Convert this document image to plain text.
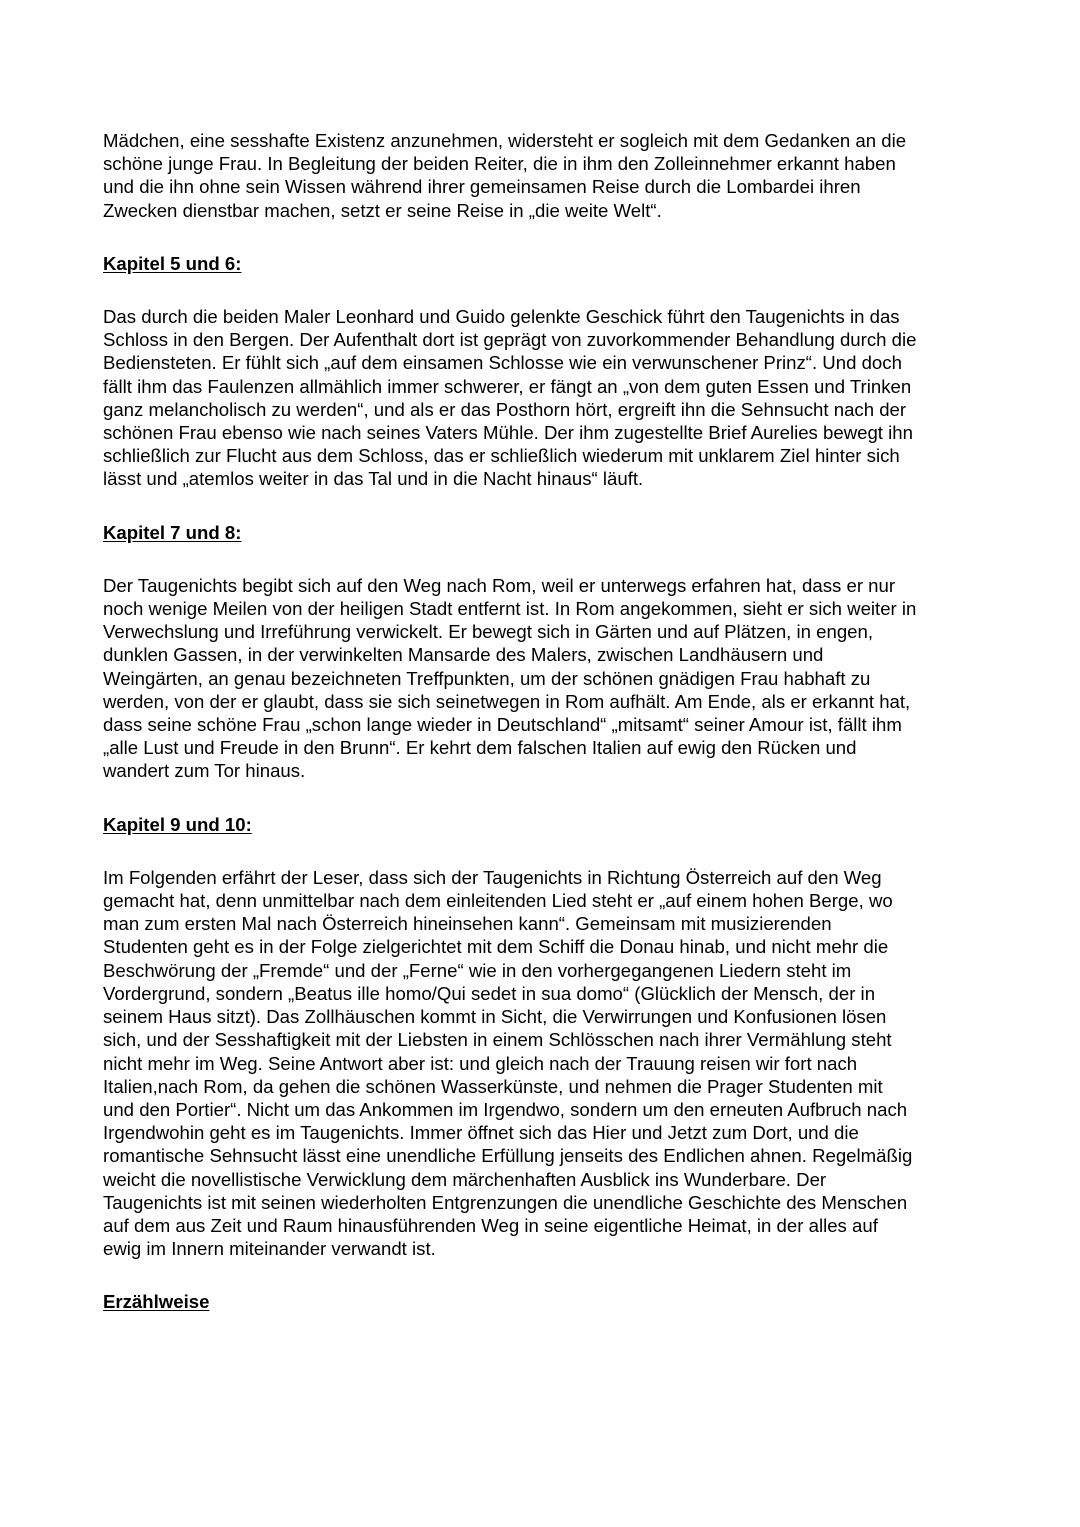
Mädchen, eine sesshafte Existenz anzunehmen, widersteht er sogleich mit dem Gedanken an die
schöne junge Frau. In Begleitung der beiden Reiter, die in ihm den Zolleinnehmer erkannt haben
und die ihn ohne sein Wissen während ihrer gemeinsamen Reise durch die Lombardei ihren
Zwecken dienstbar machen, setzt er seine Reise in „die weite Welt“.

Kapitel 5 und 6:

Das durch die beiden Maler Leonhard und Guido gelenkte Geschick führt den Taugenichts in das
Schloss in den Bergen. Der Aufenthalt dort ist geprägt von zuvorkommender Behandlung durch die
Bediensteten. Er fühlt sich „auf dem einsamen Schlosse wie ein verwunschener Prinz“. Und doch
fällt ihm das Faulenzen allmählich immer schwerer, er fängt an „von dem guten Essen und Trinken
ganz melancholisch zu werden“, und als er das Posthorn hört, ergreift ihn die Sehnsucht nach der
schönen Frau ebenso wie nach seines Vaters Mühle. Der ihm zugestellte Brief Aurelies bewegt ihn
schließlich zur Flucht aus dem Schloss, das er schließlich wiederum mit unklarem Ziel hinter sich
lässt und „atemlos weiter in das Tal und in die Nacht hinaus“ läuft.

Kapitel 7 und 8:

Der Taugenichts begibt sich auf den Weg nach Rom, weil er unterwegs erfahren hat, dass er nur
noch wenige Meilen von der heiligen Stadt entfernt ist. In Rom angekommen, sieht er sich weiter in
Verwechslung und Irreführung verwickelt. Er bewegt sich in Gärten und auf Plätzen, in engen,
dunklen Gassen, in der verwinkelten Mansarde des Malers, zwischen Landhäusern und
Weingärten, an genau bezeichneten Treffpunkten, um der schönen gnädigen Frau habhaft zu
werden, von der er glaubt, dass sie sich seinetwegen in Rom aufhält. Am Ende, als er erkannt hat,
dass seine schöne Frau „schon lange wieder in Deutschland“ „mitsamt“ seiner Amour ist, fällt ihm
„alle Lust und Freude in den Brunn“. Er kehrt dem falschen Italien auf ewig den Rücken und
wandert zum Tor hinaus.

Kapitel 9 und 10:

Im Folgenden erfährt der Leser, dass sich der Taugenichts in Richtung Österreich auf den Weg
gemacht hat, denn unmittelbar nach dem einleitenden Lied steht er „auf einem hohen Berge, wo
man zum ersten Mal nach Österreich hineinsehen kann“. Gemeinsam mit musizierenden
Studenten geht es in der Folge zielgerichtet mit dem Schiff die Donau hinab, und nicht mehr die
Beschwörung der „Fremde“ und der „Ferne“ wie in den vorhergegangenen Liedern steht im
Vordergrund, sondern „Beatus ille homo/Qui sedet in sua domo“ (Glücklich der Mensch, der in
seinem Haus sitzt). Das Zollhäuschen kommt in Sicht, die Verwirrungen und Konfusionen lösen
sich, und der Sesshaftigkeit mit der Liebsten in einem Schlösschen nach ihrer Vermählung steht
nicht mehr im Weg. Seine Antwort aber ist: und gleich nach der Trauung reisen wir fort nach
Italien,nach Rom, da gehen die schönen Wasserkünste, und nehmen die Prager Studenten mit
und den Portier“. Nicht um das Ankommen im Irgendwo, sondern um den erneuten Aufbruch nach
Irgendwohin geht es im Taugenichts. Immer öffnet sich das Hier und Jetzt zum Dort, und die
romantische Sehnsucht lässt eine unendliche Erfüllung jenseits des Endlichen ahnen. Regelmäßig
weicht die novellistische Verwicklung dem märchenhaften Ausblick ins Wunderbare. Der
Taugenichts ist mit seinen wiederholten Entgrenzungen die unendliche Geschichte des Menschen
auf dem aus Zeit und Raum hinausführenden Weg in seine eigentliche Heimat, in der alles auf
ewig im Innern miteinander verwandt ist.

Erzählweise
